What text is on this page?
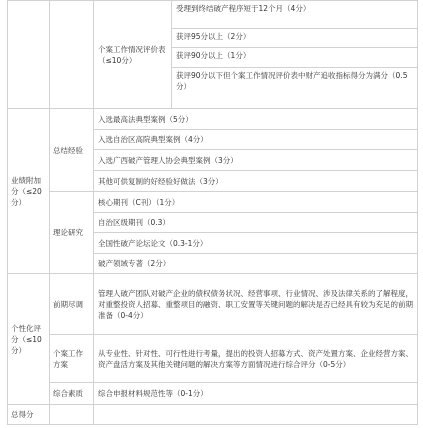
		个案工作情况评价表（≤10分）	受理到终结破产程序短于12个月（4分）
			获评95分以上（2分）
			获评90分以上（1分）
			获评90分以下但个案工作情况评价表中财产追收指标得分为满分（0.5分）
业绩附加分（≤20分）	总结经验	入选最高法典型案例（5分）	
		入选自治区高院典型案例（4分）	
		入选广西破产管理人协会典型案例（3分）	
		其他可供复制的好经验好做法（3分）	
	理论研究	核心期刊（C刊）（1分）	
		自治区级期刊（0.3）	
		全国性破产论坛论文（0.3-1分）	
		破产领域专著（2分）	
个性化评分（≤10分）	前期尽调	管理人破产团队对破产企业的债权债务状况、经营事项、行业情况、涉及法律关系的了解程度，对重整投资人招募、重整项目的融资、职工安置等关键问题的解决是否已经具有较为充足的前期准备（0-4分）	
	个案工作方案	从专业性、针对性、可行性进行考量，提出的投资人招募方式、资产处置方案、企业经营方案、资产盘活方案及其他关键问题的解决方案等方面情况进行综合评分（0-5分）	
	综合素质	综合申报材料规范性等（0-1分）	
总得分			
